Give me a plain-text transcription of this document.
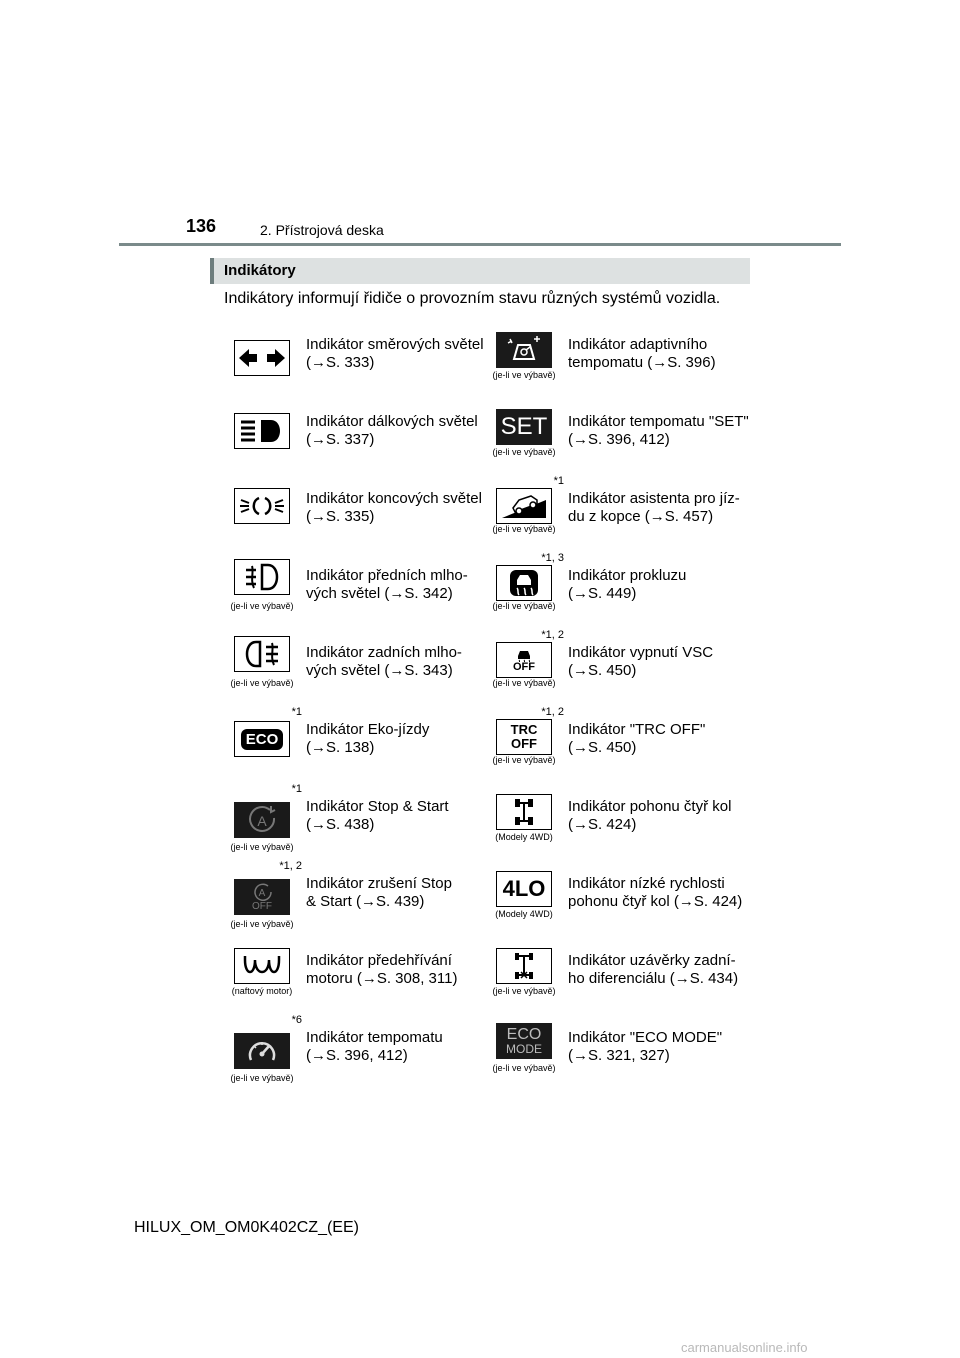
136	2. Přístrojová deska
Indikátory
Indikátory informují řidiče o provozním stavu různých systémů vozidla.
Indikátor směrových světel
(→S. 333)
(je-li ve výbavě)
Indikátor adaptivního
tempomatu (→S. 396)
Indikátor dálkových světel
(→S. 337)	SET
(je-li ve výbavě)
Indikátor tempomatu "SET"
(→S. 396, 412)
Indikátor koncových světel
(→S. 335)
*1
(je-li ve výbavě)
Indikátor asistenta pro jíz-
du z kopce (→S. 457)
(je-li ve výbavě)
Indikátor předních mlho-
vých světel (→S. 342)
*1, 3
(je-li ve výbavě)
Indikátor prokluzu
(→S. 449)
(je-li ve výbavě)
Indikátor zadních mlho-
vých světel (→S. 343)
*1, 2
OFF
(je-li ve výbavě)
Indikátor vypnutí VSC
(→S. 450)
*1
ECO
Indikátor Eko-jízdy
(→S. 138)
*1, 2
TRC
OFF
(je-li ve výbavě)
Indikátor "TRC OFF"
(→S. 450)
*1
A
(je-li ve výbavě)
Indikátor Stop & Start
(→S. 438)
(Modely 4WD)
Indikátor pohonu čtyř kol
(→S. 424)
*1, 2
A
OFF
(je-li ve výbavě)
Indikátor zrušení Stop
& Start (→S. 439)
4LO
(Modely 4WD)
Indikátor nízké rychlosti
pohonu čtyř kol (→S. 424)
(naftový motor)
Indikátor předehřívání
motoru (→S. 308, 311)
(je-li ve výbavě)
Indikátor uzávěrky zadní-
ho diferenciálu (→S. 434)
*6
(je-li ve výbavě)
Indikátor tempomatu
(→S. 396, 412)
ECO
MODE
(je-li ve výbavě)
Indikátor "ECO MODE"
(→S. 321, 327)
HILUX_OM_OM0K402CZ_(EE)
carmanualsonline.info
